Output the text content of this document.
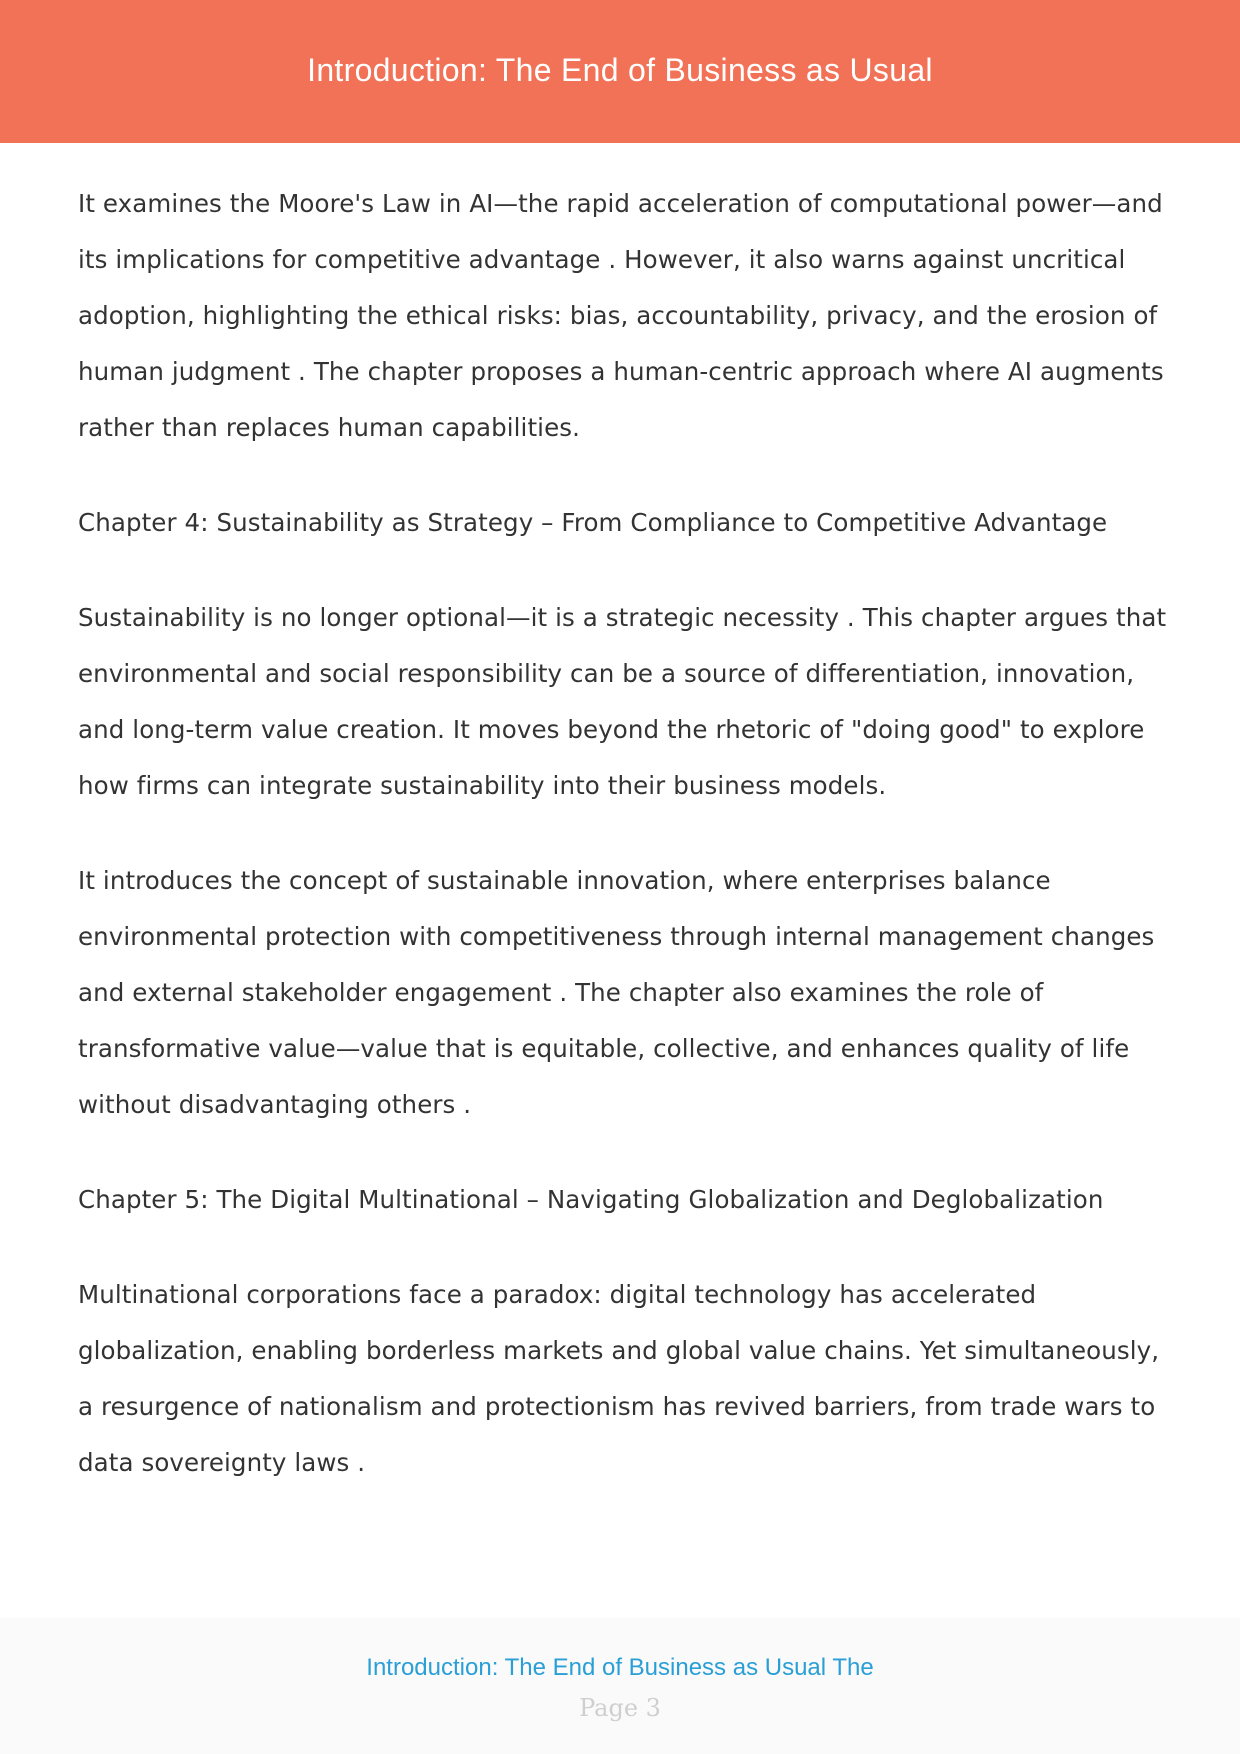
Introduction: The End of Business as Usual

It examines the Moore's Law in AI—the rapid acceleration of computational power—and its implications for competitive advantage . However, it also warns against uncritical adoption, highlighting the ethical risks: bias, accountability, privacy, and the erosion of human judgment . The chapter proposes a human-centric approach where AI augments rather than replaces human capabilities.

Chapter 4: Sustainability as Strategy – From Compliance to Competitive Advantage

Sustainability is no longer optional—it is a strategic necessity . This chapter argues that environmental and social responsibility can be a source of differentiation, innovation, and long-term value creation. It moves beyond the rhetoric of "doing good" to explore how firms can integrate sustainability into their business models.

It introduces the concept of sustainable innovation, where enterprises balance environmental protection with competitiveness through internal management changes and external stakeholder engagement . The chapter also examines the role of transformative value—value that is equitable, collective, and enhances quality of life without disadvantaging others .

Chapter 5: The Digital Multinational – Navigating Globalization and Deglobalization

Multinational corporations face a paradox: digital technology has accelerated globalization, enabling borderless markets and global value chains. Yet simultaneously, a resurgence of nationalism and protectionism has revived barriers, from trade wars to data sovereignty laws .

Introduction: The End of Business as Usual The
Page 3
